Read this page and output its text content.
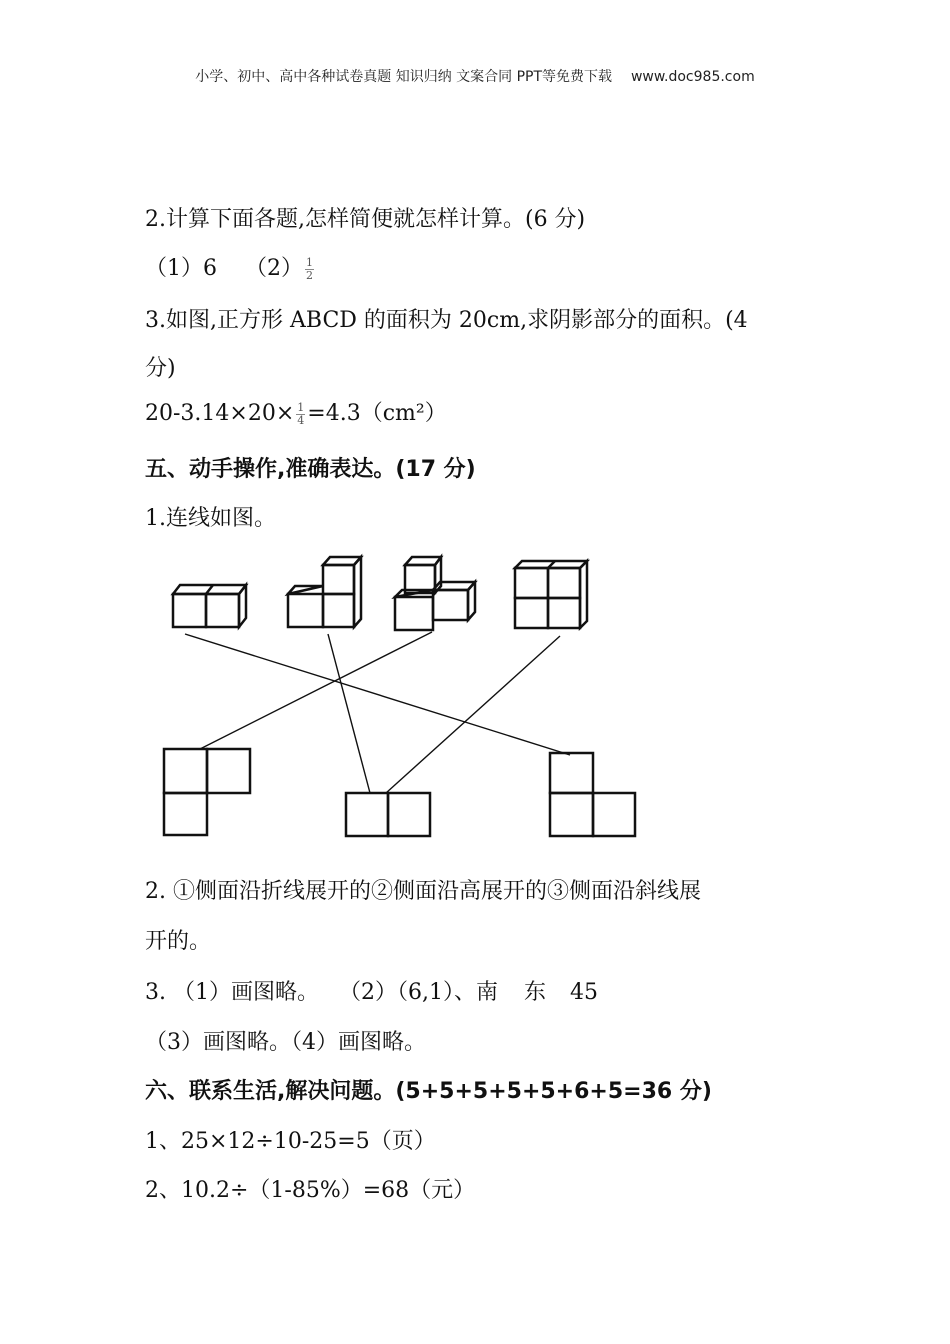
小学、初中、高中各种试卷真题 知识归纳 文案合同 PPT等免费下载 www.doc985.com
2.计算下面各题,怎样简便就怎样计算。(6 分)
（1）6 $(2) \frac{1}{2}$
3.如图,正方形 ABCD 的面积为 20cm,求阴影部分的面积。(4
分)
$20-3.14\times 20\times \frac{1}{4} =4.3(cm^2)$
五、动手操作,准确表达。(17 分)
1.连线如图。
2. ①侧面沿折线展开的②侧面沿高展开的③侧面沿斜线展
开的。
3. （1）画图略。 （2）（6,1）、南 东 45
（3）画图略。（4）画图略。
六、联系生活,解决问题。(5+5+5+5+5+6+5=36 分)
1、25×12÷10-25=5（页）
2、10.2÷（1-85%）=68（元）
